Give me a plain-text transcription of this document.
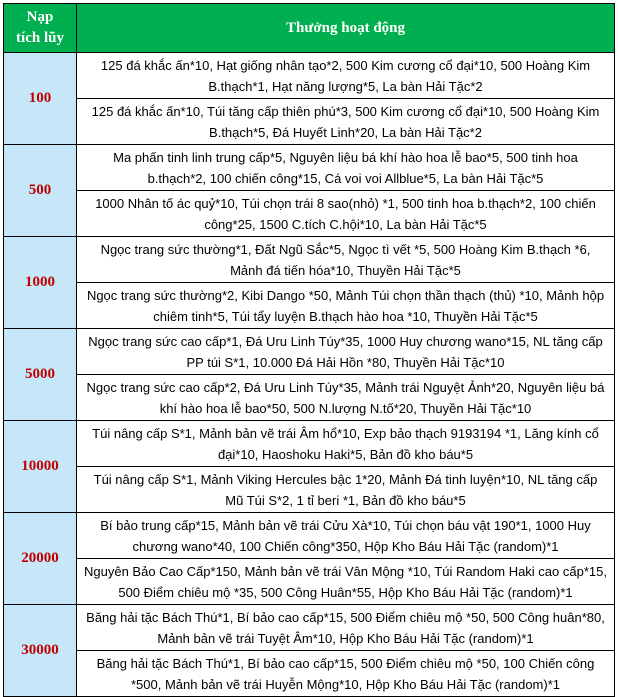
Nạp
tích lũy	Thưởng hoạt động
100	125 đá khắc ấn*10, Hạt giống nhân tạo*2, 500 Kim cương cổ đại*10, 500 Hoàng Kim B.thạch*1, Hạt năng lượng*5, La bàn Hải Tặc*2
	125 đá khắc ấn*10, Túi tăng cấp thiên phú*3, 500 Kim cương cổ đại*10, 500 Hoàng Kim B.thạch*5, Đá Huyết Linh*20, La bàn Hải Tặc*2
500	Ma phấn tinh linh trung cấp*5, Nguyên liệu bá khí hào hoa lễ bao*5, 500 tinh hoa b.thạch*2, 100 chiến công*15, Cá voi voi Allblue*5, La bàn Hải Tặc*5
	1000 Nhân tố ác quỷ*10, Túi chọn trái 8 sao(nhỏ) *1, 500 tinh hoa b.thạch*2, 100 chiến công*25, 1500 C.tích C.hội*10, La bàn Hải Tặc*5
1000	Ngọc trang sức thường*1, Đất Ngũ Sắc*5, Ngọc tì vết *5, 500 Hoàng Kim B.thạch *6, Mảnh đá tiến hóa*10, Thuyền Hải Tặc*5
	Ngọc trang sức thường*2, Kibi Dango *50, Mảnh Túi chọn thần thạch (thủ) *10, Mảnh hộp chiêm tinh*5, Túi tẩy luyện B.thạch hào hoa *10, Thuyền Hải Tặc*5
5000	Ngọc trang sức cao cấp*1, Đá Uru Linh Túy*35, 1000 Huy chương wano*15, NL tăng cấp PP túi S*1, 10.000 Đá Hải Hồn *80, Thuyền Hải Tặc*10
	Ngọc trang sức cao cấp*2, Đá Uru Linh Túy*35, Mảnh trái Nguyệt Ảnh*20, Nguyên liệu bá khí hào hoa lễ bao*50, 500 N.lượng N.tố*20, Thuyền Hải Tặc*10
10000	Túi nâng cấp S*1, Mảnh bản vẽ trái Âm hổ*10, Exp bảo thạch 9193194 *1, Lăng kính cổ đại*10, Haoshoku Haki*5, Bản đồ kho báu*5
	Túi nâng cấp S*1, Mảnh Viking Hercules bậc 1*20, Mảnh Đá tinh luyện*10, NL tăng cấp Mũ Túi S*2, 1 tỉ beri *1, Bản đồ kho báu*5
20000	Bí bảo trung cấp*15, Mảnh bản vẽ trái Cửu Xà*10, Túi chọn báu vật 190*1, 1000 Huy chương wano*40, 100 Chiến công*350, Hộp Kho Báu Hải Tặc (random)*1
	Nguyên Bảo Cao Cấp*150, Mảnh bản vẽ trái Vân Mộng *10, Túi Random Haki cao cấp*15, 500 Điểm chiêu mộ *35, 500 Công Huân*55, Hộp Kho Báu Hải Tặc (random)*1
30000	Băng hải tặc Bách Thú*1, Bí bảo cao cấp*15, 500 Điểm chiêu mộ *50, 500 Công huân*80, Mảnh bản vẽ trái Tuyệt Âm*10, Hộp Kho Báu Hải Tặc (random)*1
	Băng hải tặc Bách Thú*1, Bí bảo cao cấp*15, 500 Điểm chiêu mộ *50, 100 Chiến công *500, Mảnh bản vẽ trái Huyễn Mộng*10, Hộp Kho Báu Hải Tặc (random)*1
